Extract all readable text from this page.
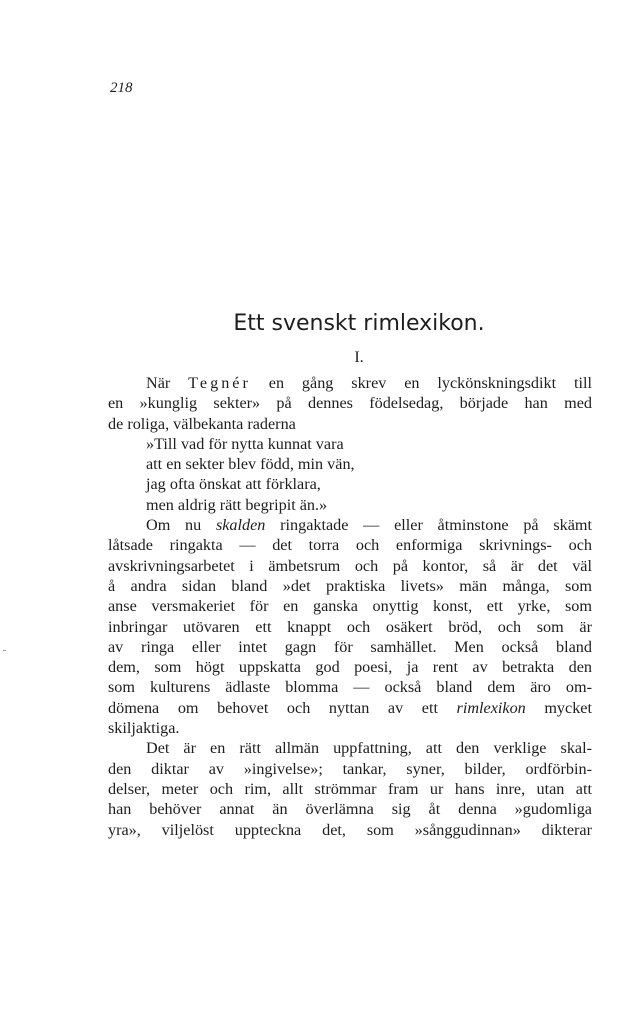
218
Ett svenskt rimlexikon.
I.
När Tegnér en gång skrev en lyckönskningsdikt till
en »kunglig sekter» på dennes födelsedag, började han med
de roliga, välbekanta raderna
»Till vad för nytta kunnat vara
att en sekter blev född, min vän,
jag ofta önskat att förklara,
men aldrig rätt begripit än.»
Om nu skalden ringaktade — eller åtminstone på skämt
låtsade ringakta — det torra och enformiga skrivnings- och
avskrivningsarbetet i ämbetsrum och på kontor, så är det väl
å andra sidan bland »det praktiska livets» män många, som
anse versmakeriet för en ganska onyttig konst, ett yrke, som
inbringar utövaren ett knappt och osäkert bröd, och som är
av ringa eller intet gagn för samhället. Men också bland
dem, som högt uppskatta god poesi, ja rent av betrakta den
som kulturens ädlaste blomma — också bland dem äro om-
dömena om behovet och nyttan av ett rimlexikon mycket
skiljaktiga.
Det är en rätt allmän uppfattning, att den verklige skal-
den diktar av »ingivelse»; tankar, syner, bilder, ordförbin-
delser, meter och rim, allt strömmar fram ur hans inre, utan att
han behöver annat än överlämna sig åt denna »gudomliga
yra», viljelöst uppteckna det, som »sånggudinnan» dikterar
